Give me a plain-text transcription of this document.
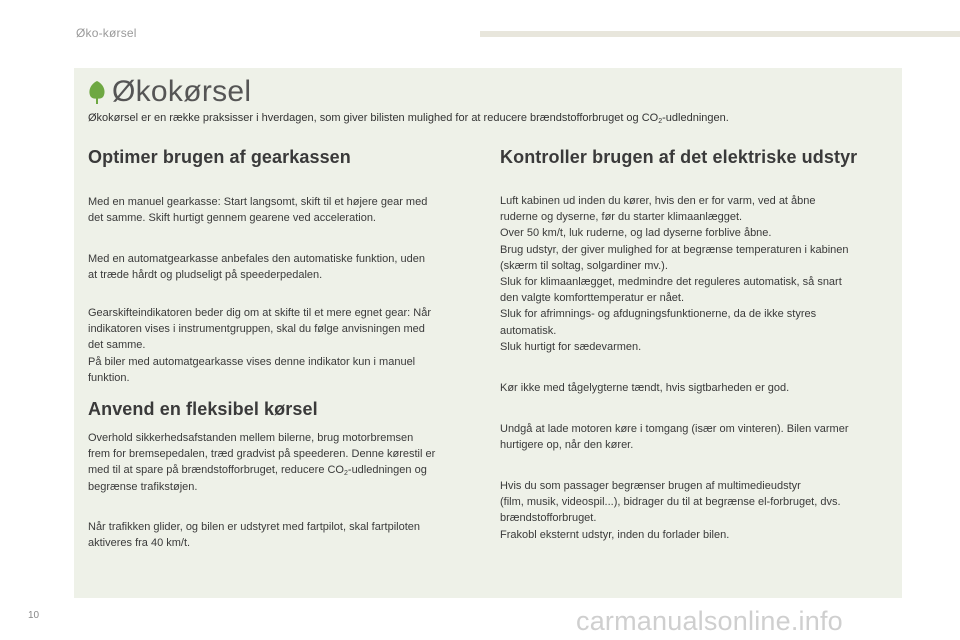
Øko-kørsel
Økokørsel
Økokørsel er en række praksisser i hverdagen, som giver bilisten mulighed for at reducere brændstofforbruget og $CO_2$-udledningen.
Optimer brugen af gearkassen

Med en manuel gearkasse: Start langsomt, skift til et højere gear med

det samme. Skift hurtigt gennem gearene ved acceleration.

Med en automatgearkasse anbefales den automatiske funktion, uden

at træde hårdt og pludseligt på speederpedalen.

Gearskifteindikatoren beder dig om at skifte til et mere egnet gear: Når

indikatoren vises i instrumentgruppen, skal du følge anvisningen med

det samme.

På biler med automatgearkasse vises denne indikator kun i manuel

funktion.

Anvend en fleksibel kørsel

Overhold sikkerhedsafstanden mellem bilerne, brug motorbremsen

frem for bremsepedalen, træd gradvist på speederen. Denne kørestil er

med til at spare på brændstofforbruget, reducere $CO_2$-udledningen og

begrænse trafikstøjen.

Når trafikken glider, og bilen er udstyret med fartpilot, skal fartpiloten

aktiveres fra 40 km/t.

Kontroller brugen af det elektriske udstyr

Luft kabinen ud inden du kører, hvis den er for varm, ved at åbne

ruderne og dyserne, før du starter klimaanlægget.

Over 50 km/t, luk ruderne, og lad dyserne forblive åbne.

Brug udstyr, der giver mulighed for at begrænse temperaturen i kabinen

(skærm til soltag, solgardiner mv.).

Sluk for klimaanlægget, medmindre det reguleres automatisk, så snart

den valgte komforttemperatur er nået.

Sluk for afrimnings- og afdugningsfunktionerne, da de ikke styres

automatisk.

Sluk hurtigt for sædevarmen.

Kør ikke med tågelygterne tændt, hvis sigtbarheden er god.

Undgå at lade motoren køre i tomgang (især om vinteren). Bilen varmer

hurtigere op, når den kører.

Hvis du som passager begrænser brugen af multimedieudstyr

(film, musik, videospil...), bidrager du til at begrænse el-forbruget, dvs.

brændstofforbruget.

Frakobl eksternt udstyr, inden du forlader bilen.

10	carmanualsonline.info
